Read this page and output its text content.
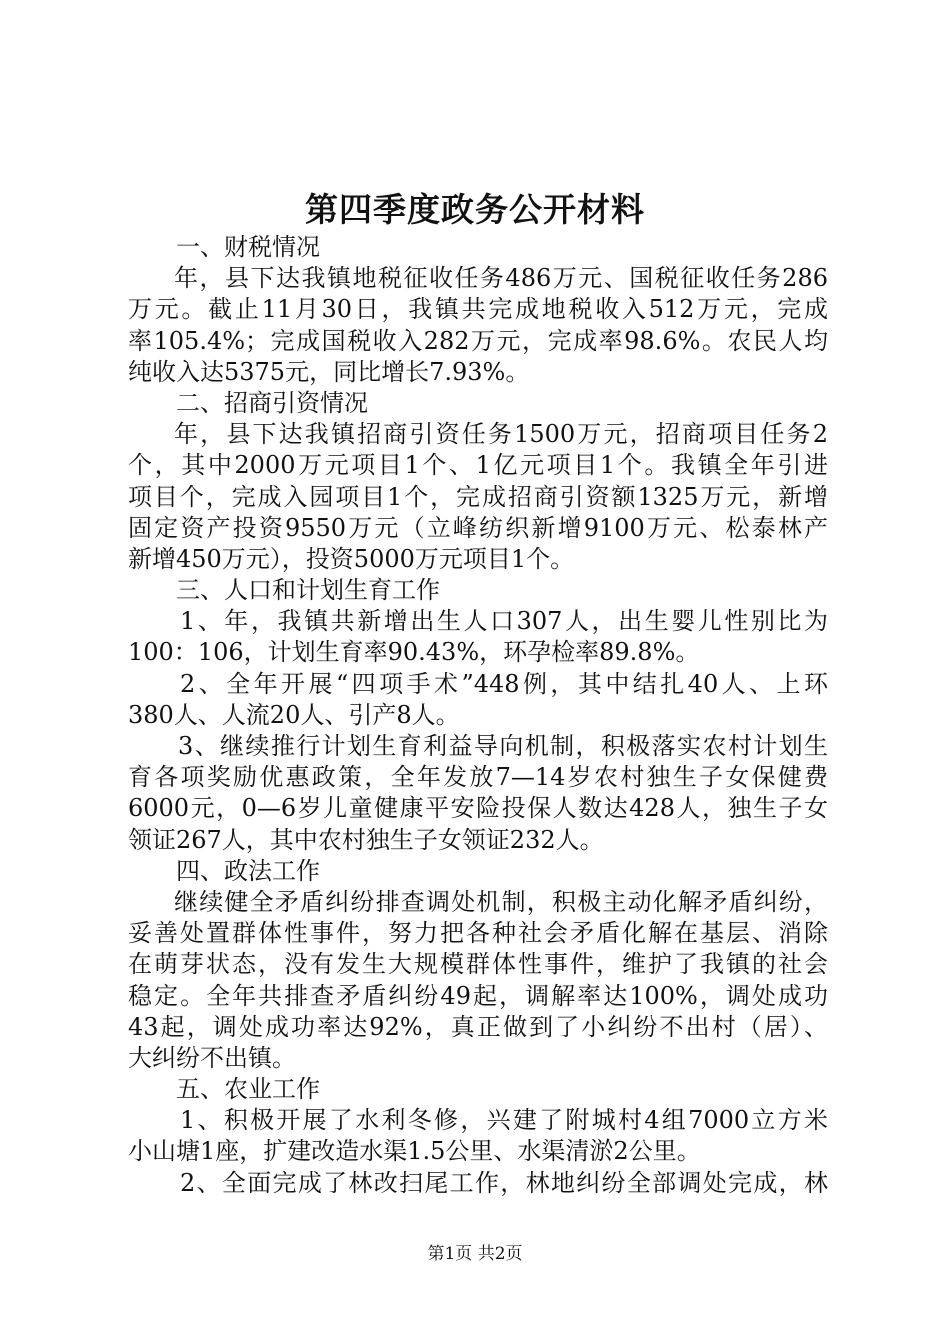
第四季度政务公开材料
一、财税情况
年，县下达我镇地税征收任务486万元、国税征收任务286
万元。截止11月30日，我镇共完成地税收入512万元，完成
率105.4%；完成国税收入282万元，完成率98.6%。农民人均
纯收入达5375元，同比增长7.93%。
二、招商引资情况
年，县下达我镇招商引资任务1500万元，招商项目任务2
个，其中2000万元项目1个、1亿元项目1个。我镇全年引进
项目个，完成入园项目1个，完成招商引资额1325万元，新增
固定资产投资9550万元（立峰纺织新增9100万元、松泰林产
新增450万元），投资5000万元项目1个。
三、人口和计划生育工作
1、年，我镇共新增出生人口307人，出生婴儿性别比为
100：106，计划生育率90.43%，环孕检率89.8%。
2、全年开展“四项手术”448例，其中结扎40人、上环
380人、人流20人、引产8人。
3、继续推行计划生育利益导向机制，积极落实农村计划生
育各项奖励优惠政策，全年发放7—14岁农村独生子女保健费
6000元，0—6岁儿童健康平安险投保人数达428人，独生子女
领证267人，其中农村独生子女领证232人。
四、政法工作
继续健全矛盾纠纷排查调处机制，积极主动化解矛盾纠纷，
妥善处置群体性事件，努力把各种社会矛盾化解在基层、消除
在萌芽状态，没有发生大规模群体性事件，维护了我镇的社会
稳定。全年共排查矛盾纠纷49起，调解率达100%，调处成功
43起，调处成功率达92%，真正做到了小纠纷不出村（居）、
大纠纷不出镇。
五、农业工作
1、积极开展了水利冬修，兴建了附城村4组7000立方米
小山塘1座，扩建改造水渠1.5公里、水渠清淤2公里。
2、全面完成了林改扫尾工作，林地纠纷全部调处完成，林
第1页 共2页
